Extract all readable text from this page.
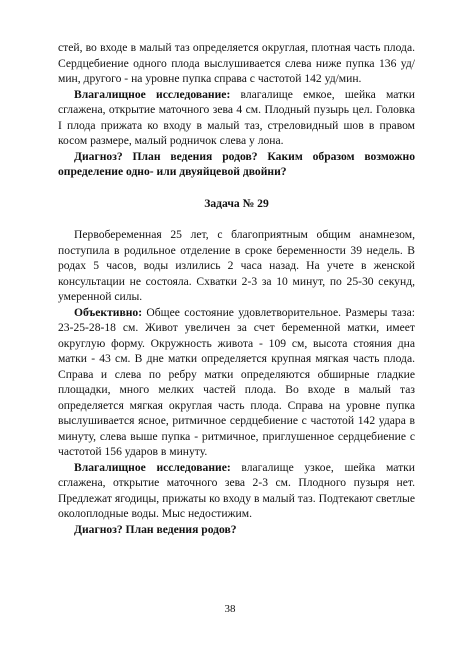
стей, во входе в малый таз определяется округлая, плотная часть плода. Сердцебиение одного плода выслушивается слева ниже пупка 136 уд/мин, другого - на уровне пупка справа с частотой 142 уд/мин.

Влагалищное исследование: влагалище емкое, шейка матки сглажена, открытие маточного зева 4 см. Плодный пузырь цел. Головка I плода прижата ко входу в малый таз, стреловидный шов в правом косом размере, малый родничок слева у лона.

Диагноз? План ведения родов? Каким образом возможно определение одно- или двуяйцевой двойни?

Задача № 29

Первобеременная 25 лет, с благоприятным общим анамнезом, поступила в родильное отделение в сроке беременности 39 недель. В родах 5 часов, воды излились 2 часа назад. На учете в женской консультации не состояла. Схватки 2-3 за 10 минут, по 25-30 секунд, умеренной силы.

Объективно: Общее состояние удовлетворительное. Размеры таза: 23-25-28-18 см. Живот увеличен за счет беременной матки, имеет округлую форму. Окружность живота - 109 см, высота стояния дна матки - 43 см. В дне матки определяется крупная мягкая часть плода. Справа и слева по ребру матки определяются обширные гладкие площадки, много мелких частей плода. Во входе в малый таз определяется мягкая округлая часть плода. Справа на уровне пупка выслушивается ясное, ритмичное сердцебиение с частотой 142 удара в минуту, слева выше пупка - ритмичное, приглушенное сердцебиение с частотой 156 ударов в минуту.

Влагалищное исследование: влагалище узкое, шейка матки сглажена, открытие маточного зева 2-3 см. Плодного пузыря нет. Предлежат ягодицы, прижаты ко входу в малый таз. Подтекают светлые околоплодные воды. Мыс недостижим.

Диагноз? План ведения родов?

38
